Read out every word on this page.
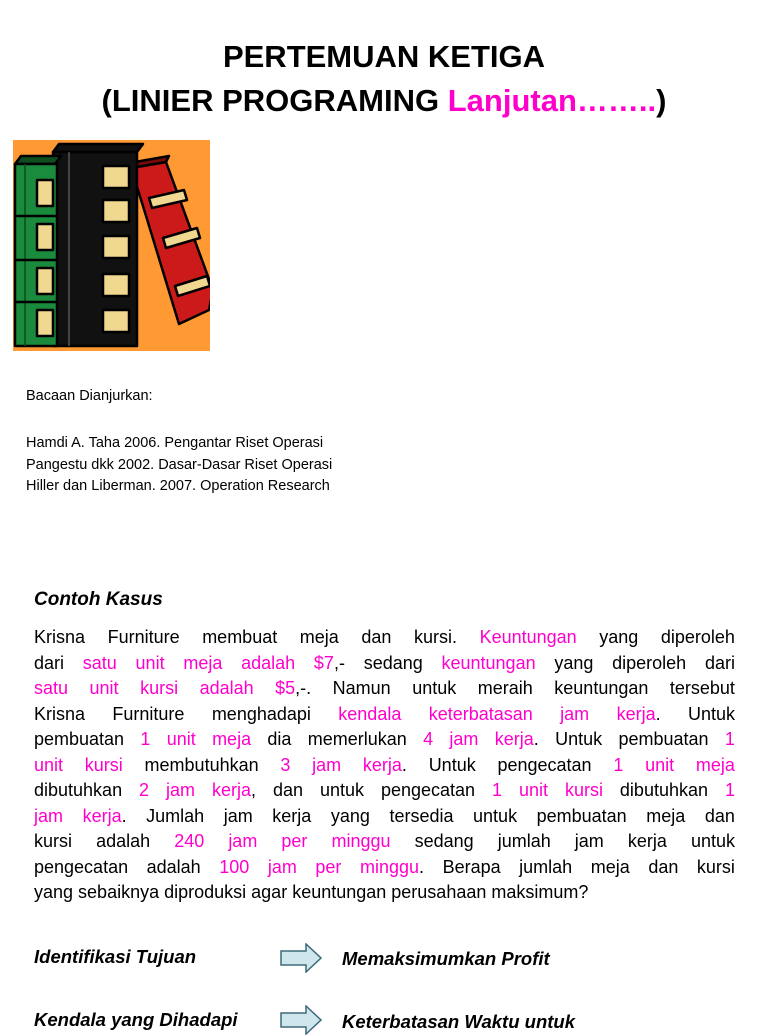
PERTEMUAN KETIGA
(LINIER PROGRAMING Lanjutan……..)
Bacaan Dianjurkan:
Hamdi A. Taha 2006. Pengantar Riset Operasi
Pangestu dkk 2002. Dasar-Dasar Riset Operasi
Hiller dan Liberman. 2007. Operation Research
Contoh Kasus
Krisna Furniture membuat meja dan kursi. Keuntungan yang diperoleh
dari satu unit meja adalah $7,- sedang keuntungan yang diperoleh dari
satu unit kursi adalah $5,-. Namun untuk meraih keuntungan tersebut
Krisna Furniture menghadapi kendala keterbatasan jam kerja. Untuk
pembuatan 1 unit meja dia memerlukan 4 jam kerja. Untuk pembuatan 1
unit kursi membutuhkan 3 jam kerja. Untuk pengecatan 1 unit meja
dibutuhkan 2 jam kerja, dan untuk pengecatan 1 unit kursi dibutuhkan 1
jam kerja. Jumlah jam kerja yang tersedia untuk pembuatan meja dan
kursi adalah 240 jam per minggu sedang jumlah jam kerja untuk
pengecatan adalah 100 jam per minggu. Berapa jumlah meja dan kursi
yang sebaiknya diproduksi agar keuntungan perusahaan maksimum?
Identifikasi Tujuan	Memaksimumkan Profit
Kendala yang Dihadapi	Keterbatasan Waktu untuk
